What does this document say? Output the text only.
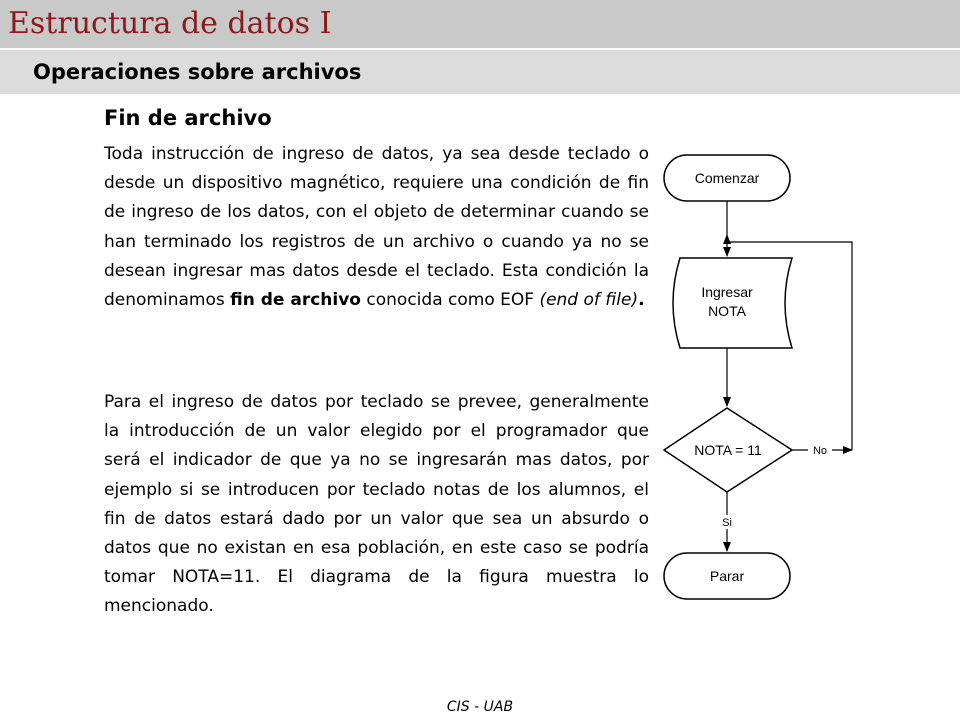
Estructura de datos I
Operaciones sobre archivos
Fin de archivo

Toda instrucción de ingreso de datos, ya sea desde teclado o desde un dispositivo magnético, requiere una condición de fin de ingreso de los datos, con el objeto de determinar cuando se han terminado los registros de un archivo o cuando ya no se desean ingresar mas datos desde el teclado. Esta condición la denominamos fin de archivo conocida como EOF (end of file).

Para el ingreso de datos por teclado se prevee, generalmente la introducción de un valor elegido por el programador que será el indicador de que ya no se ingresarán mas datos, por ejemplo si se introducen por teclado notas de los alumnos, el fin de datos estará dado por un valor que sea un absurdo o datos que no existan en esa población, en este caso se podría tomar NOTA=11. El diagrama de la figura muestra lo mencionado.

Comenzar
Ingresar
NOTA
NOTA = 11	No
Si
Parar
CIS - UAB
